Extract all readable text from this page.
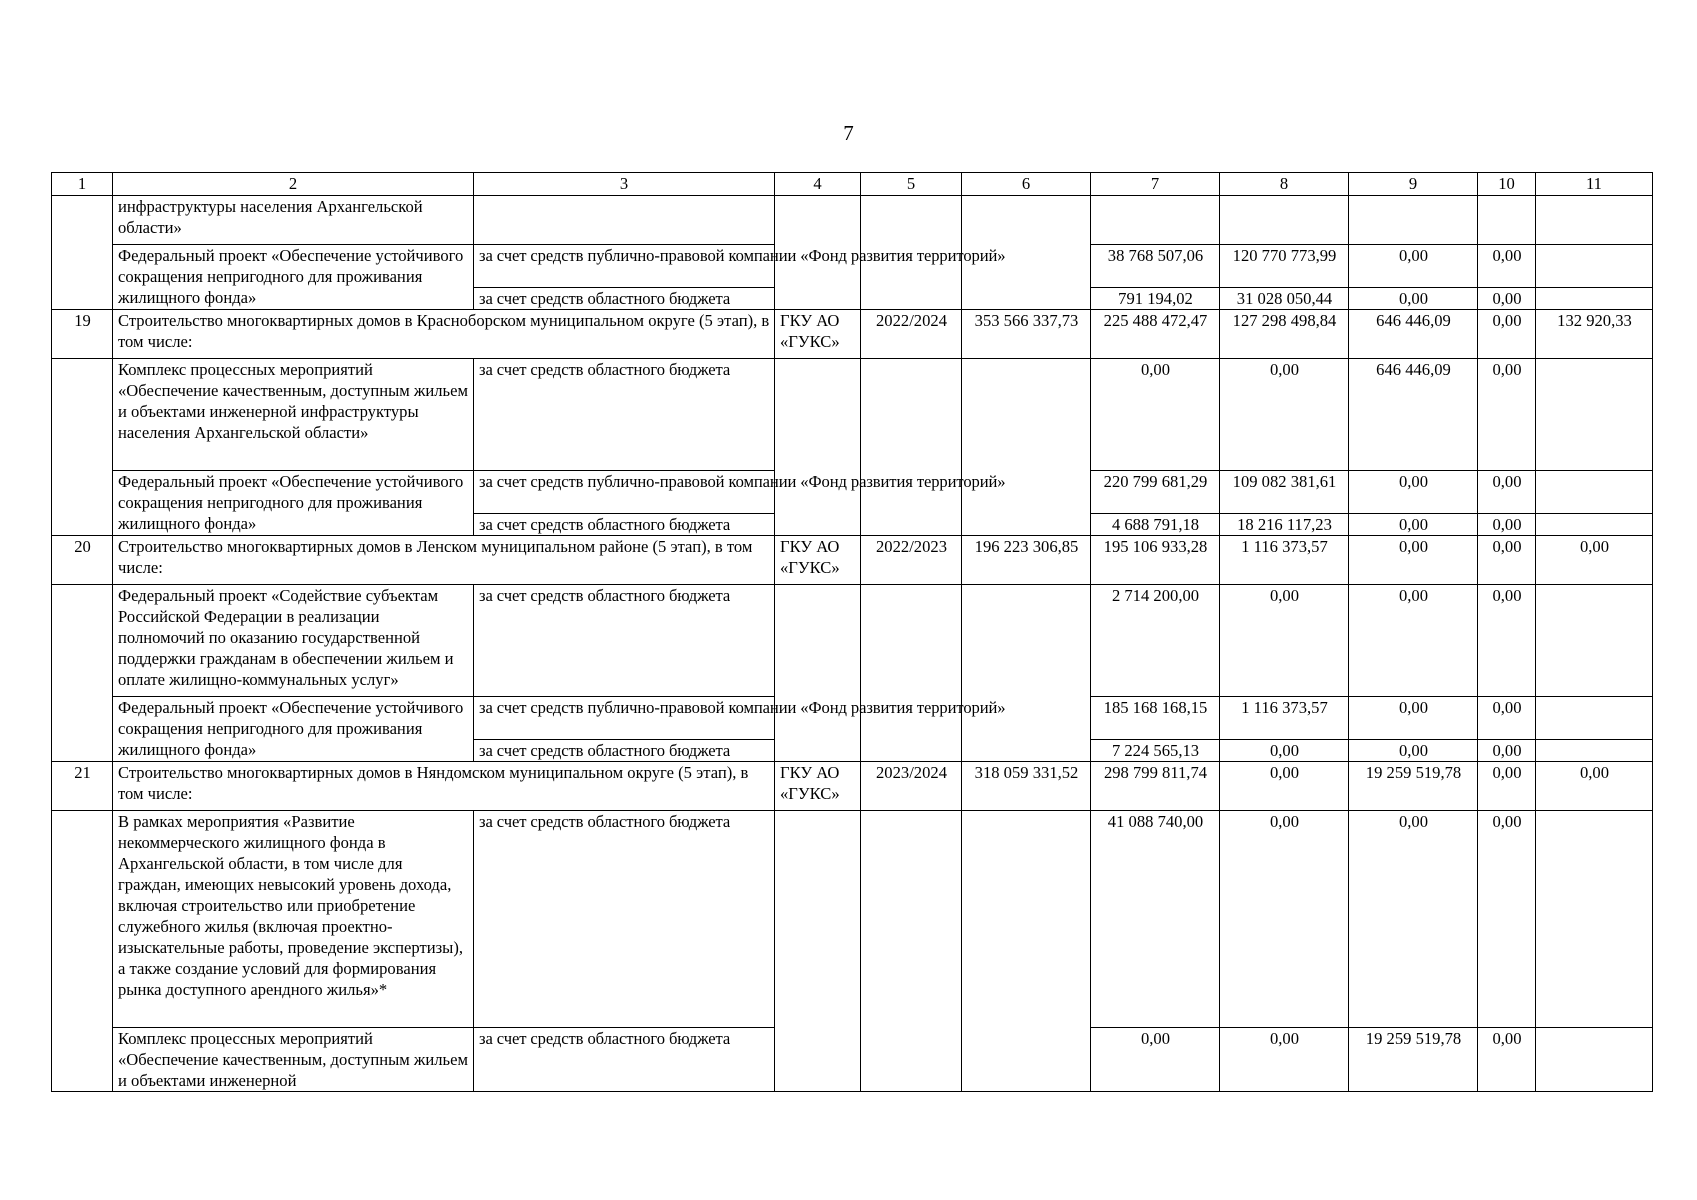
7
1	2	3	4	5	6	7	8	9	10	11
	инфраструктуры населения Архангельской области»									
	Федеральный проект «Обеспечение устойчивого сокращения непригодного для проживания жилищного фонда»	за счет средств публично-правовой компании «Фонд развития территорий»				38 768 507,06	120 770 773,99	0,00	0,00	
		за счет средств областного бюджета				791 194,02	31 028 050,44	0,00	0,00	
19	Строительство многоквартирных домов в Красноборском муниципальном округе (5 этап), в том числе:		ГКУ АО «ГУКС»	2022/2024	353 566 337,73	225 488 472,47	127 298 498,84	646 446,09	0,00	132 920,33
	Комплекс процессных мероприятий «Обеспечение качественным, доступным жильем и объектами инженерной инфраструктуры населения Архангельской области»	за счет средств областного бюджета				0,00	0,00	646 446,09	0,00	
	Федеральный проект «Обеспечение устойчивого сокращения непригодного для проживания жилищного фонда»	за счет средств публично-правовой компании «Фонд развития территорий»				220 799 681,29	109 082 381,61	0,00	0,00	
		за счет средств областного бюджета				4 688 791,18	18 216 117,23	0,00	0,00	
20	Строительство многоквартирных домов в Ленском муниципальном районе (5 этап), в том числе:		ГКУ АО «ГУКС»	2022/2023	196 223 306,85	195 106 933,28	1 116 373,57	0,00	0,00	0,00
	Федеральный проект «Содействие субъектам Российской Федерации в реализации полномочий по оказанию государственной поддержки гражданам в обеспечении жильем и оплате жилищно-коммунальных услуг»	за счет средств областного бюджета				2 714 200,00	0,00	0,00	0,00	
	Федеральный проект «Обеспечение устойчивого сокращения непригодного для проживания жилищного фонда»	за счет средств публично-правовой компании «Фонд развития территорий»				185 168 168,15	1 116 373,57	0,00	0,00	
		за счет средств областного бюджета				7 224 565,13	0,00	0,00	0,00	
21	Строительство многоквартирных домов в Няндомском муниципальном округе (5 этап), в том числе:		ГКУ АО «ГУКС»	2023/2024	318 059 331,52	298 799 811,74	0,00	19 259 519,78	0,00	0,00
	В рамках мероприятия «Развитие некоммерческого жилищного фонда в Архангельской области, в том числе для граждан, имеющих невысокий уровень дохода, включая строительство или приобретение служебного жилья (включая проектно-изыскательные работы, проведение экспертизы), а также создание условий для формирования рынка доступного арендного жилья»*	за счет средств областного бюджета				41 088 740,00	0,00	0,00	0,00	
	Комплекс процессных мероприятий «Обеспечение качественным, доступным жильем и объектами инженерной	за счет средств областного бюджета				0,00	0,00	19 259 519,78	0,00	
